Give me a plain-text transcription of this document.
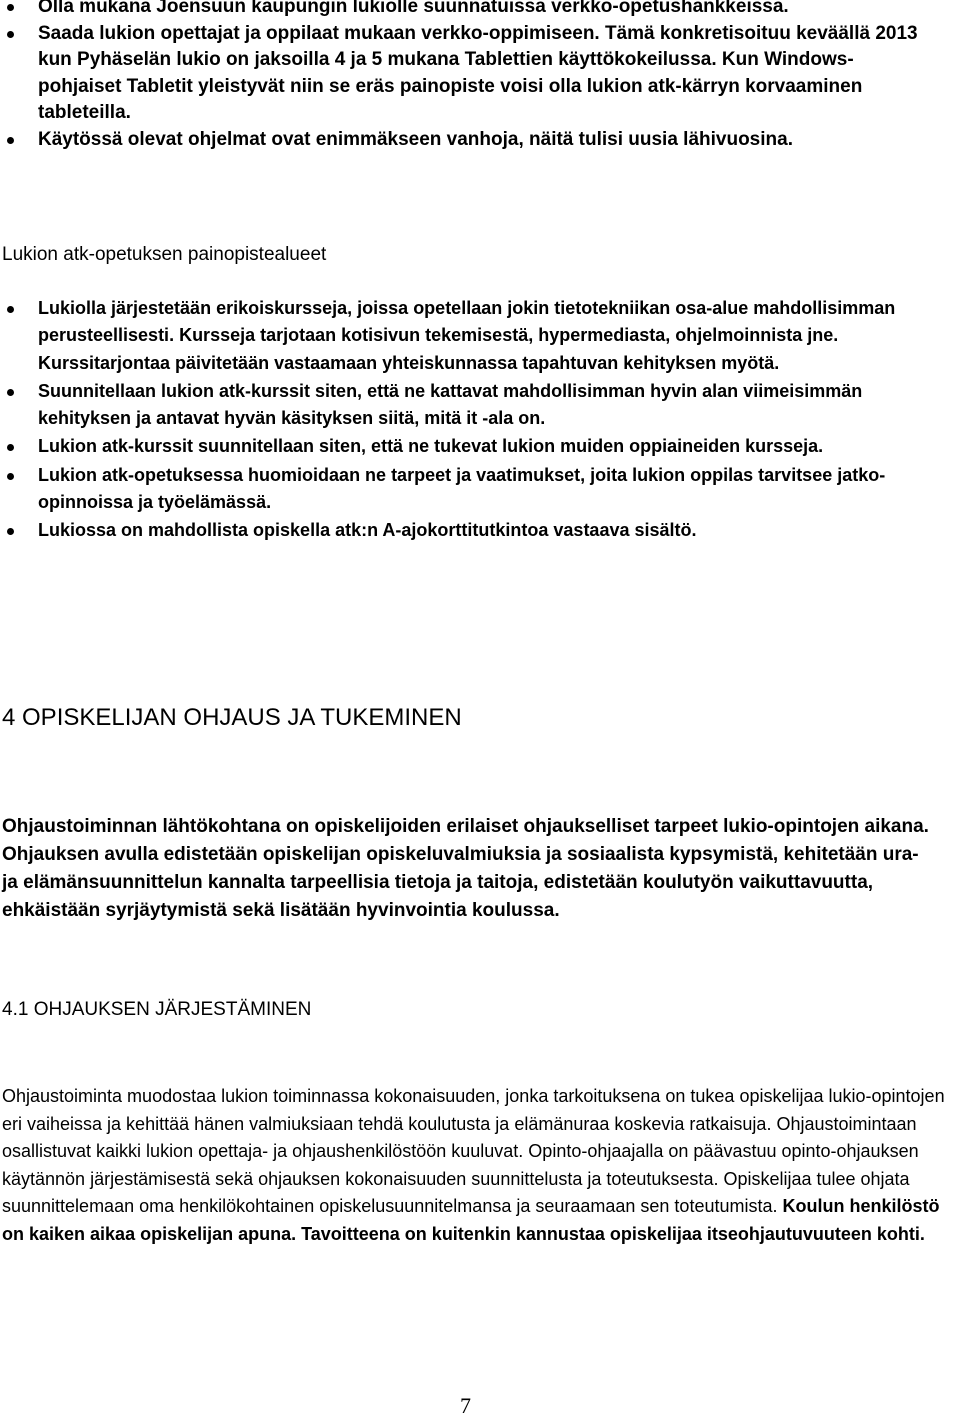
Olla mukana Joensuun kaupungin lukiolle suunnatuissa verkko-opetushankkeissa.
Saada lukion opettajat ja oppilaat mukaan verkko-oppimiseen. Tämä konkretisoituu keväällä 2013 kun Pyhäselän lukio on jaksoilla 4 ja 5 mukana Tablettien käyttökokeilussa. Kun Windows-pohjaiset Tabletit yleistyvät niin se eräs painopiste voisi olla lukion atk-kärryn korvaaminen tableteilla.
Käytössä olevat ohjelmat ovat enimmäkseen vanhoja, näitä tulisi uusia lähivuosina.
Lukion atk-opetuksen painopistealueet
Lukiolla järjestetään erikoiskursseja, joissa opetellaan jokin tietotekniikan osa-alue mahdollisimman perusteellisesti. Kursseja tarjotaan kotisivun tekemisestä, hypermediasta, ohjelmoinnista jne. Kurssitarjontaa päivitetään vastaamaan yhteiskunnassa tapahtuvan kehityksen myötä.
Suunnitellaan lukion atk-kurssit siten, että ne kattavat mahdollisimman hyvin alan viimeisimmän kehityksen ja antavat hyvän käsityksen siitä, mitä it -ala on.
Lukion atk-kurssit suunnitellaan siten, että ne tukevat lukion muiden oppiaineiden kursseja.
Lukion atk-opetuksessa huomioidaan ne tarpeet ja vaatimukset, joita lukion oppilas tarvitsee jatko-opinnoissa ja työelämässä.
Lukiossa on mahdollista opiskella atk:n A-ajokorttitutkintoa vastaava sisältö.
4 OPISKELIJAN OHJAUS JA TUKEMINEN

Ohjaustoiminnan lähtökohtana on opiskelijoiden erilaiset ohjaukselliset tarpeet lukio-opintojen aikana. Ohjauksen avulla edistetään opiskelijan opiskeluvalmiuksia ja sosiaalista kypsymistä, kehitetään ura- ja elämänsuunnittelun kannalta tarpeellisia tietoja ja taitoja, edistetään koulutyön vaikuttavuutta, ehkäistään syrjäytymistä sekä lisätään hyvinvointia koulussa.

4.1 OHJAUKSEN JÄRJESTÄMINEN

Ohjaustoiminta muodostaa lukion toiminnassa kokonaisuuden, jonka tarkoituksena on tukea opiskelijaa lukio-opintojen eri vaiheissa ja kehittää hänen valmiuksiaan tehdä koulutusta ja elämänuraa koskevia ratkaisuja. Ohjaustoimintaan osallistuvat kaikki lukion opettaja- ja ohjaushenkilöstöön kuuluvat. Opinto-ohjaajalla on päävastuu opinto-ohjauksen käytännön järjestämisestä sekä ohjauksen kokonaisuuden suunnittelusta ja toteutuksesta. Opiskelijaa tulee ohjata suunnittelemaan oma henkilökohtainen opiskelusuunnitelmansa ja seuraamaan sen toteutumista. Koulun henkilöstö on kaiken aikaa opiskelijan apuna. Tavoitteena on kuitenkin kannustaa opiskelijaa itseohjautuvuuteen kohti.

7
